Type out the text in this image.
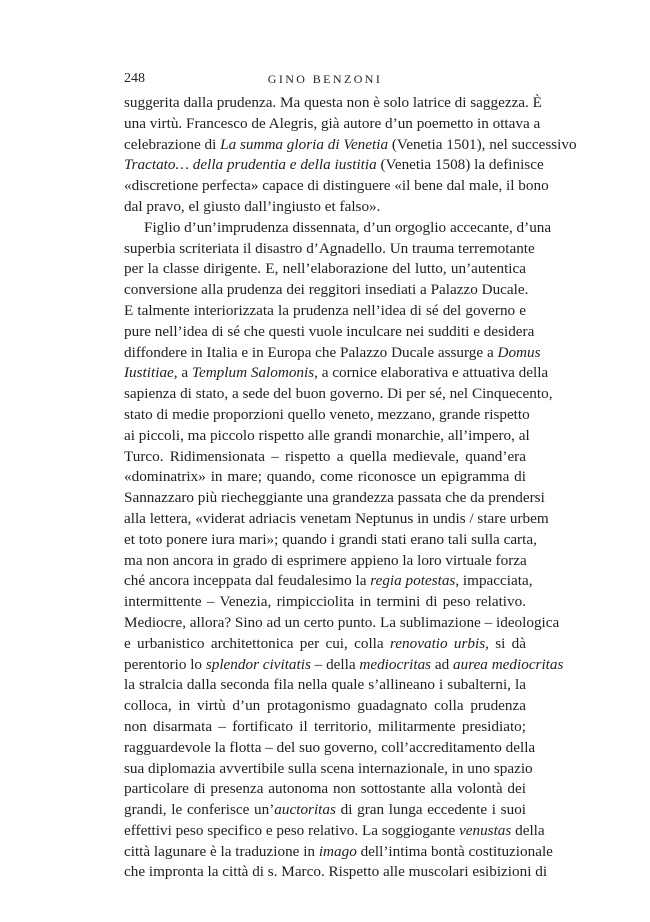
248	GINO BENZONI
suggerita dalla prudenza. Ma questa non è solo latrice di saggezza. È
una virtù. Francesco de Alegris, già autore d’un poemetto in ottava a
celebrazione di La summa gloria di Venetia (Venetia 1501), nel successivo
Tractato… della prudentia e della iustitia (Venetia 1508) la definisce
«discretione perfecta» capace di distinguere «il bene dal male, il bono
dal pravo, el giusto dall’ingiusto et falso».
Figlio d’un’imprudenza dissennata, d’un orgoglio accecante, d’una
superbia scriteriata il disastro d’Agnadello. Un trauma terremotante
per la classe dirigente. E, nell’elaborazione del lutto, un’autentica
conversione alla prudenza dei reggitori insediati a Palazzo Ducale.
E talmente interiorizzata la prudenza nell’idea di sé del governo e
pure nell’idea di sé che questi vuole inculcare nei sudditi e desidera
diffondere in Italia e in Europa che Palazzo Ducale assurge a Domus
Iustitiae, a Templum Salomonis, a cornice elaborativa e attuativa della
sapienza di stato, a sede del buon governo. Di per sé, nel Cinquecento,
stato di medie proporzioni quello veneto, mezzano, grande rispetto
ai piccoli, ma piccolo rispetto alle grandi monarchie, all’impero, al
Turco. Ridimensionata – rispetto a quella medievale, quand’era
«dominatrix» in mare; quando, come riconosce un epigramma di
Sannazzaro più riecheggiante una grandezza passata che da prendersi
alla lettera, «viderat adriacis venetam Neptunus in undis / stare urbem
et toto ponere iura mari»; quando i grandi stati erano tali sulla carta,
ma non ancora in grado di esprimere appieno la loro virtuale forza
ché ancora inceppata dal feudalesimo la regia potestas, impacciata,
intermittente – Venezia, rimpicciolita in termini di peso relativo.
Mediocre, allora? Sino ad un certo punto. La sublimazione – ideologica
e urbanistico architettonica per cui, colla renovatio urbis, si dà
perentorio lo splendor civitatis – della mediocritas ad aurea mediocritas
la stralcia dalla seconda fila nella quale s’allineano i subalterni, la
colloca, in virtù d’un protagonismo guadagnato colla prudenza
non disarmata – fortificato il territorio, militarmente presidiato;
ragguardevole la flotta – del suo governo, coll’accreditamento della
sua diplomazia avvertibile sulla scena internazionale, in uno spazio
particolare di presenza autonoma non sottostante alla volontà dei
grandi, le conferisce un’auctoritas di gran lunga eccedente i suoi
effettivi peso specifico e peso relativo. La soggiogante venustas della
città lagunare è la traduzione in imago dell’intima bontà costituzionale
che impronta la città di s. Marco. Rispetto alle muscolari esibizioni di
